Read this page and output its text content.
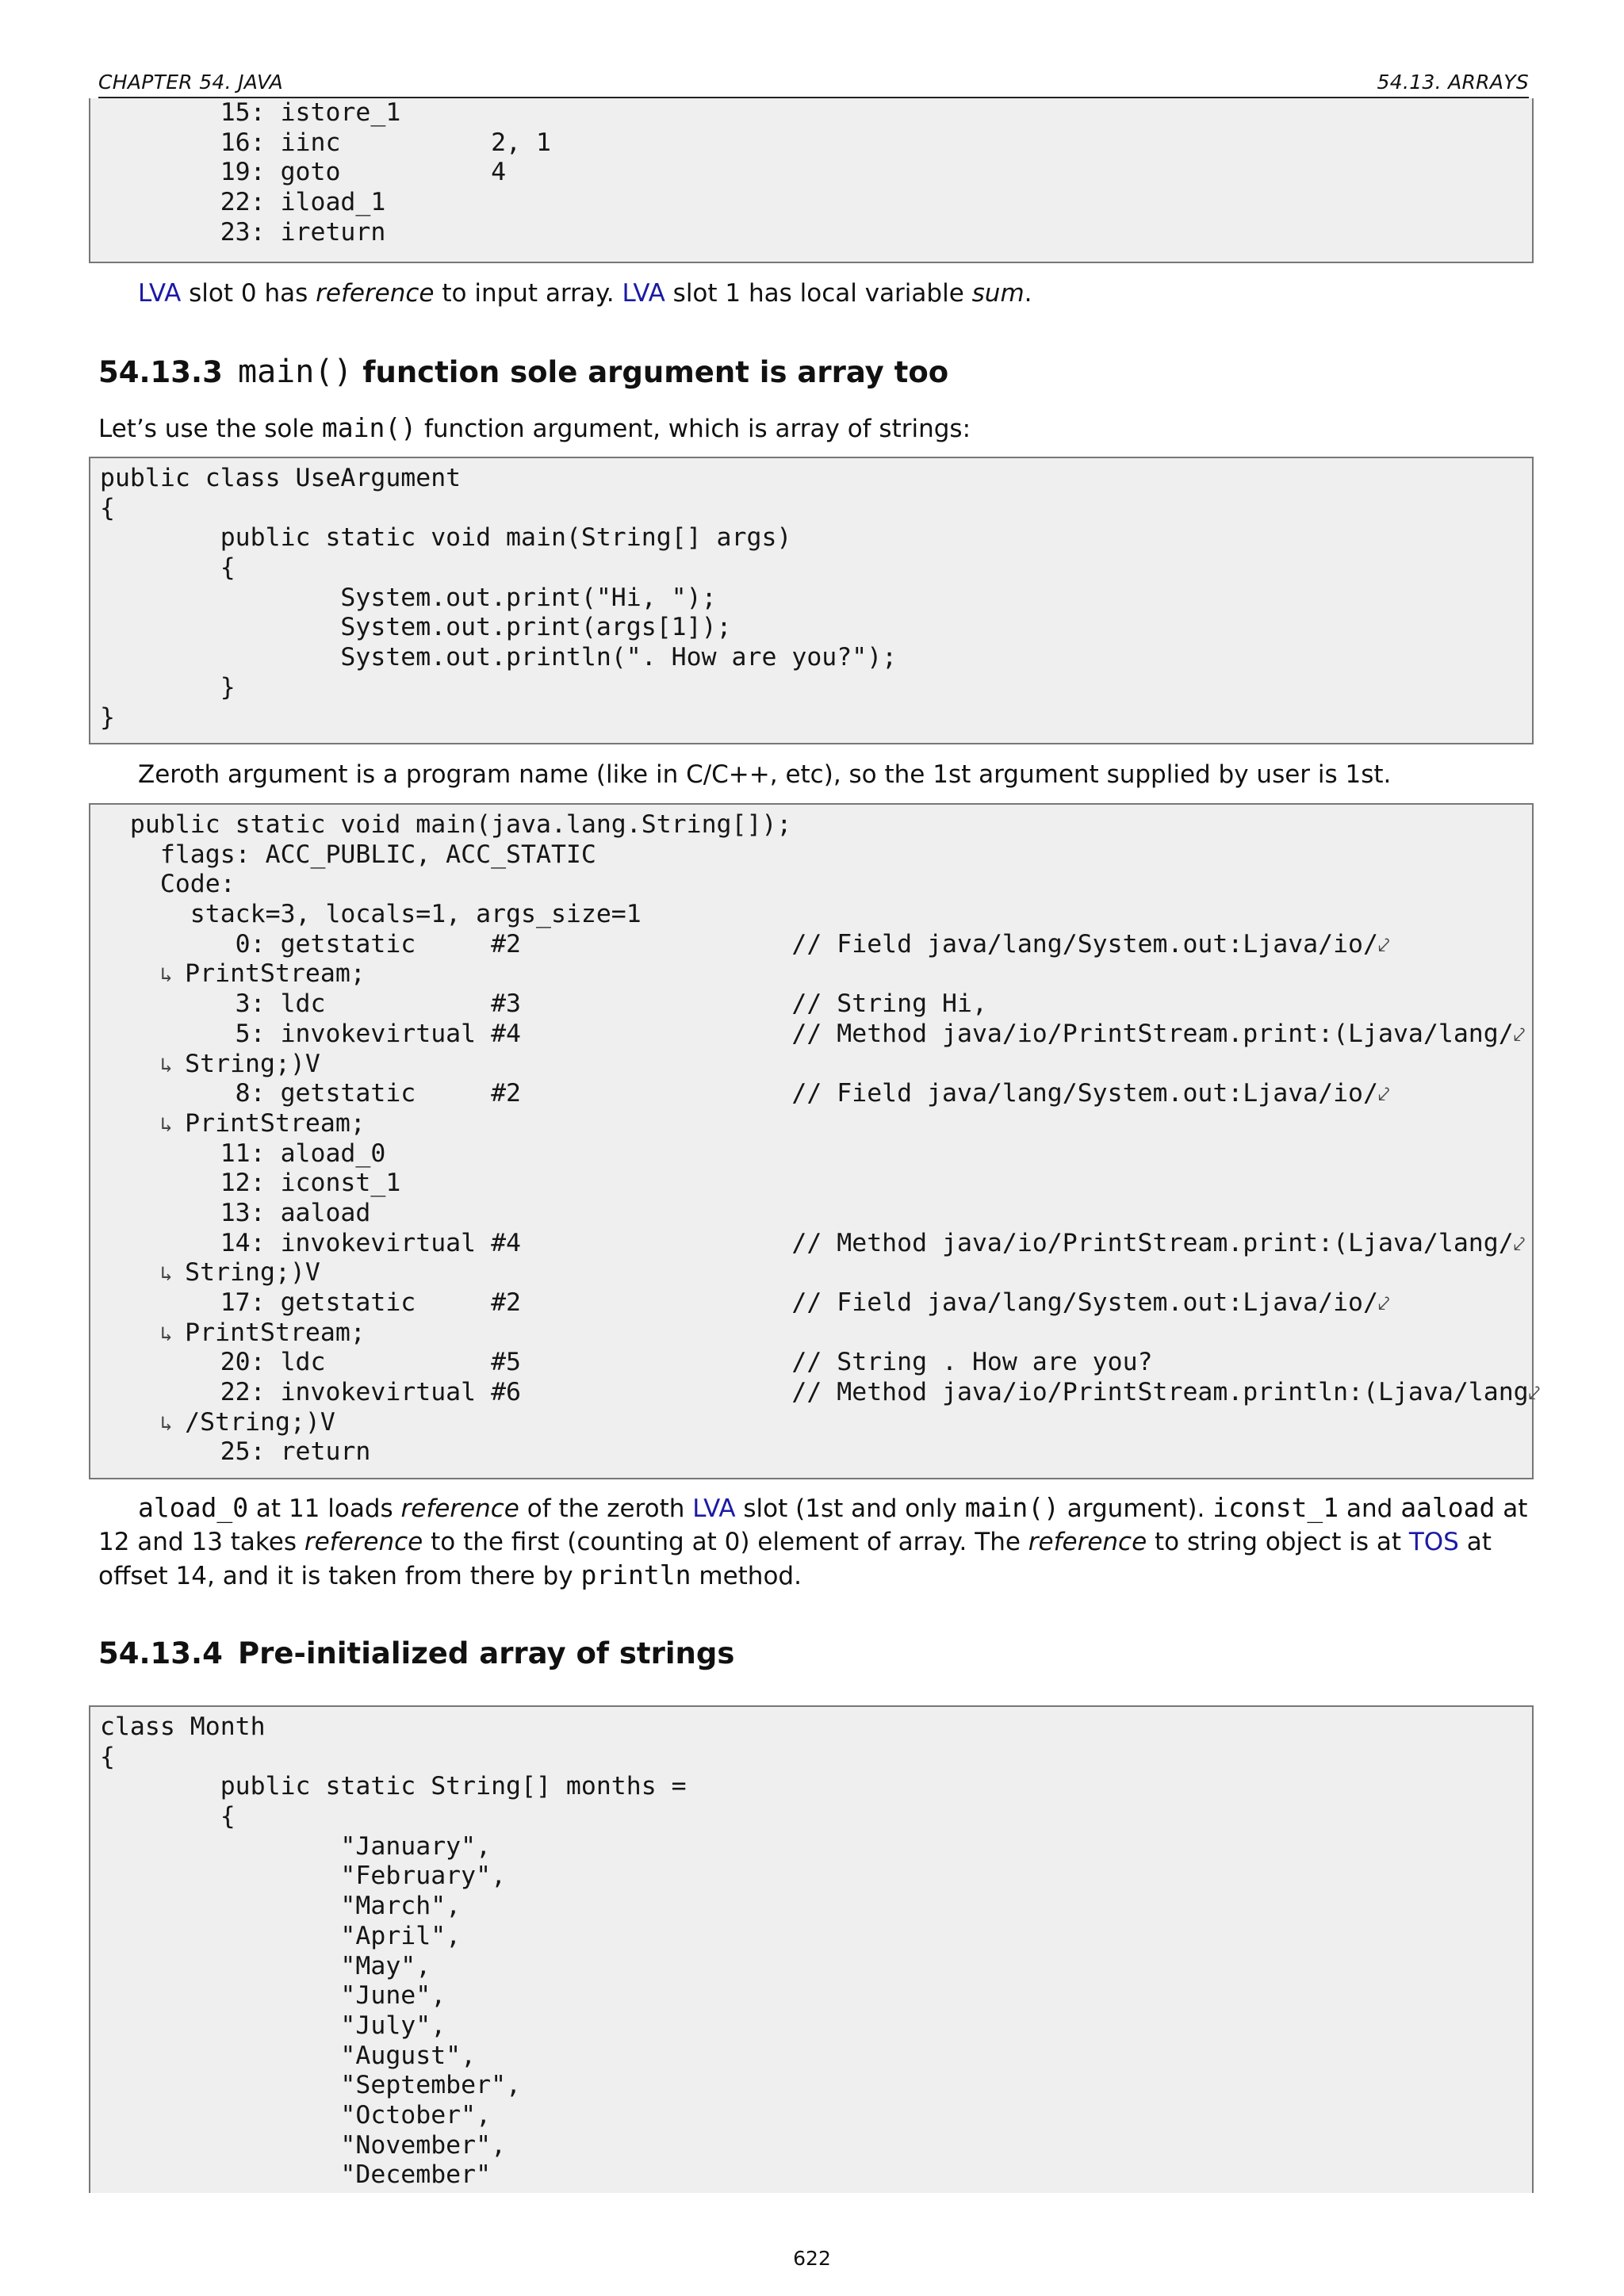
CHAPTER 54. JAVA	54.13. ARRAYS
15: istore_1
16: iinc          2, 1
19: goto          4
22: iload_1
23: ireturn
LVA slot 0 has reference to input array. LVA slot 1 has local variable sum.
54.13.3 main() function sole argument is array too
Let’s use the sole main() function argument, which is array of strings:
public class UseArgument
{
public static void main(String[] args)
{
System.out.print("Hi, ");
System.out.print(args[1]);
System.out.println(". How are you?");
}
}
Zeroth argument is a program name (like in C/C++, etc), so the 1st argument supplied by user is 1st.
public static void main(java.lang.String[]);
flags: ACC_PUBLIC, ACC_STATIC
Code:
stack=3, locals=1, args_size=1
0: getstatic     #2                  // Field java/lang/System.out:Ljava/io/⤦
↳ PrintStream;
3: ldc           #3                  // String Hi,
5: invokevirtual #4                  // Method java/io/PrintStream.print:(Ljava/lang/⤦
↳ String;)V
8: getstatic     #2                  // Field java/lang/System.out:Ljava/io/⤦
↳ PrintStream;
11: aload_0
12: iconst_1
13: aaload
14: invokevirtual #4                  // Method java/io/PrintStream.print:(Ljava/lang/⤦
↳ String;)V
17: getstatic     #2                  // Field java/lang/System.out:Ljava/io/⤦
↳ PrintStream;
20: ldc           #5                  // String . How are you?
22: invokevirtual #6                  // Method java/io/PrintStream.println:(Ljava/lang⤦
↳ /String;)V
25: return
aload_0 at 11 loads reference of the zeroth LVA slot (1st and only main() argument). iconst_1 and aaload at 12 and 13 takes reference to the first (counting at 0) element of array. The reference to string object is at TOS at offset 14, and it is taken from there by println method.
54.13.4 Pre-initialized array of strings
class Month
{
public static String[] months =
{
"January",
"February",
"March",
"April",
"May",
"June",
"July",
"August",
"September",
"October",
"November",
"December"
622
